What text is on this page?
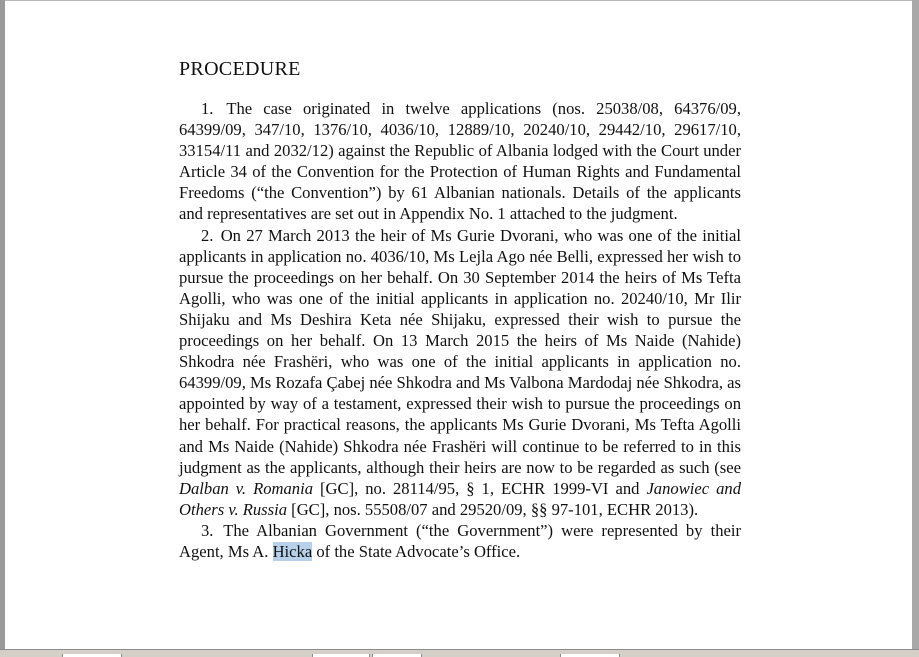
PROCEDURE

1. The case originated in twelve applications (nos. 25038/08, 64376/09, 64399/09, 347/10, 1376/10, 4036/10, 12889/10, 20240/10, 29442/10, 29617/10, 33154/11 and 2032/12) against the Republic of Albania lodged with the Court under Article 34 of the Convention for the Protection of Human Rights and Fundamental Freedoms (“the Convention”) by 61 Albanian nationals. Details of the applicants and representatives are set out in Appendix No. 1 attached to the judgment.

2. On 27 March 2013 the heir of Ms Gurie Dvorani, who was one of the initial applicants in application no. 4036/10, Ms Lejla Ago née Belli, expressed her wish to pursue the proceedings on her behalf. On 30 September 2014 the heirs of Ms Tefta Agolli, who was one of the initial applicants in application no. 20240/10, Mr Ilir Shijaku and Ms Deshira Keta née Shijaku, expressed their wish to pursue the proceedings on her behalf. On 13 March 2015 the heirs of Ms Naide (Nahide) Shkodra née Frashëri, who was one of the initial applicants in application no. 64399/09, Ms Rozafa Çabej née Shkodra and Ms Valbona Mardodaj née Shkodra, as appointed by way of a testament, expressed their wish to pursue the proceedings on her behalf. For practical reasons, the applicants Ms Gurie Dvorani, Ms Tefta Agolli and Ms Naide (Nahide) Shkodra née Frashëri will continue to be referred to in this judgment as the applicants, although their heirs are now to be regarded as such (see Dalban v. Romania [GC], no. 28114/95, § 1, ECHR 1999-VI and Janowiec and Others v. Russia [GC], nos. 55508/07 and 29520/09, §§ 97-101, ECHR 2013).

3. The Albanian Government (“the Government”) were represented by their Agent, Ms A. Hicka of the State Advocate’s Office.
